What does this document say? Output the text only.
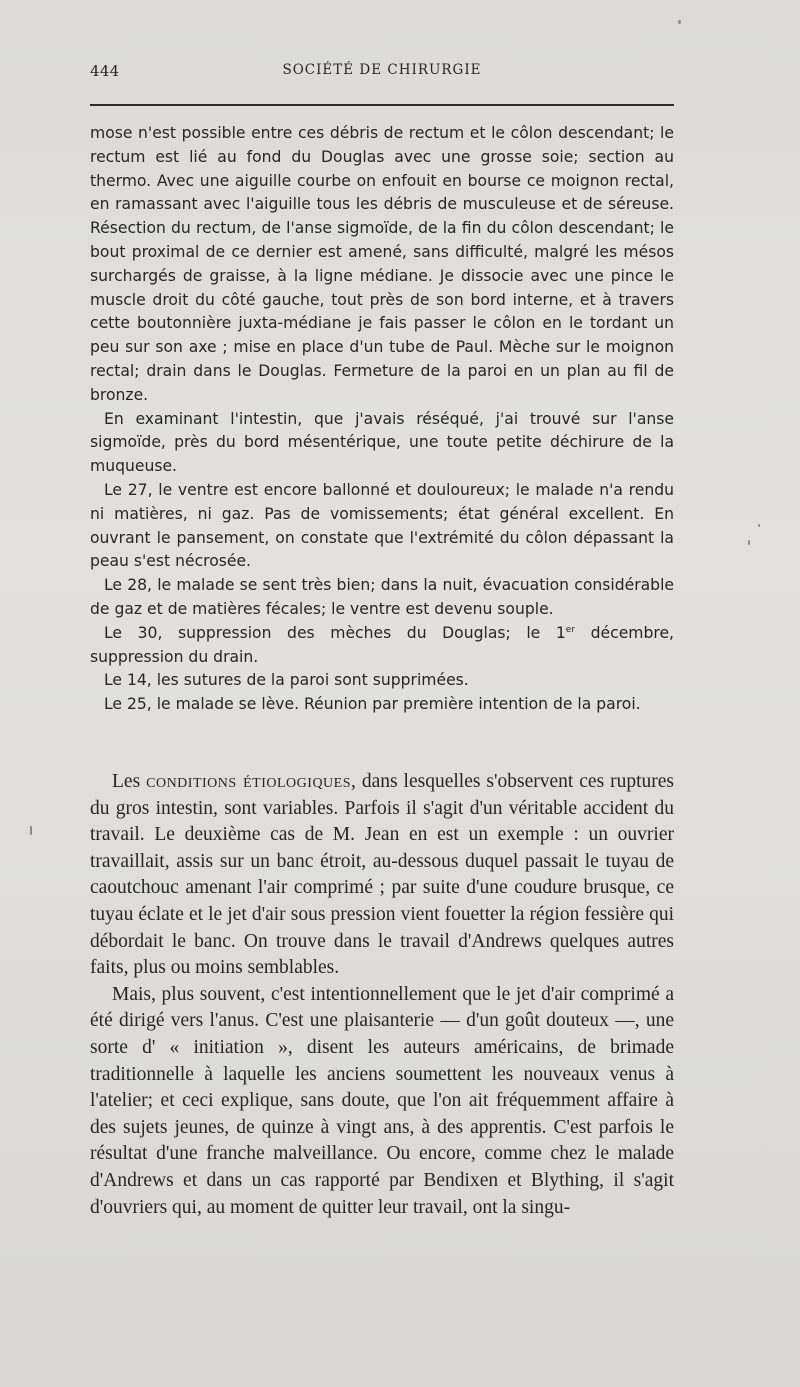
444	SOCIÉTÉ DE CHIRURGIE

mose n'est possible entre ces débris de rectum et le côlon descendant; le rectum est lié au fond du Douglas avec une grosse soie; section au thermo. Avec une aiguille courbe on enfouit en bourse ce moignon rectal, en ramassant avec l'aiguille tous les débris de musculeuse et de séreuse. Résection du rectum, de l'anse sigmoïde, de la fin du côlon descendant; le bout proximal de ce dernier est amené, sans difficulté, malgré les mésos surchargés de graisse, à la ligne médiane. Je dissocie avec une pince le muscle droit du côté gauche, tout près de son bord interne, et à travers cette boutonnière juxta-médiane je fais passer le côlon en le tordant un peu sur son axe ; mise en place d'un tube de Paul. Mèche sur le moignon rectal; drain dans le Douglas. Fermeture de la paroi en un plan au fil de bronze.

En examinant l'intestin, que j'avais réséqué, j'ai trouvé sur l'anse sigmoïde, près du bord mésentérique, une toute petite déchirure de la muqueuse.

Le 27, le ventre est encore ballonné et douloureux; le malade n'a rendu ni matières, ni gaz. Pas de vomissements; état général excellent. En ouvrant le pansement, on constate que l'extrémité du côlon dépassant la peau s'est nécrosée.

Le 28, le malade se sent très bien; dans la nuit, évacuation considérable de gaz et de matières fécales; le ventre est devenu souple.

Le 30, suppression des mèches du Douglas; le 1er décembre, suppression du drain.

Le 14, les sutures de la paroi sont supprimées.

Le 25, le malade se lève. Réunion par première intention de la paroi.

Les conditions étiologiques, dans lesquelles s'observent ces ruptures du gros intestin, sont variables. Parfois il s'agit d'un véritable accident du travail. Le deuxième cas de M. Jean en est un exemple : un ouvrier travaillait, assis sur un banc étroit, au-dessous duquel passait le tuyau de caoutchouc amenant l'air comprimé ; par suite d'une coudure brusque, ce tuyau éclate et le jet d'air sous pression vient fouetter la région fessière qui débordait le banc. On trouve dans le travail d'Andrews quelques autres faits, plus ou moins semblables.

Mais, plus souvent, c'est intentionnellement que le jet d'air comprimé a été dirigé vers l'anus. C'est une plaisanterie — d'un goût douteux —, une sorte d' « initiation », disent les auteurs américains, de brimade traditionnelle à laquelle les anciens soumettent les nouveaux venus à l'atelier; et ceci explique, sans doute, que l'on ait fréquemment affaire à des sujets jeunes, de quinze à vingt ans, à des apprentis. C'est parfois le résultat d'une franche malveillance. Ou encore, comme chez le malade d'Andrews et dans un cas rapporté par Bendixen et Blything, il s'agit d'ouvriers qui, au moment de quitter leur travail, ont la singu-
